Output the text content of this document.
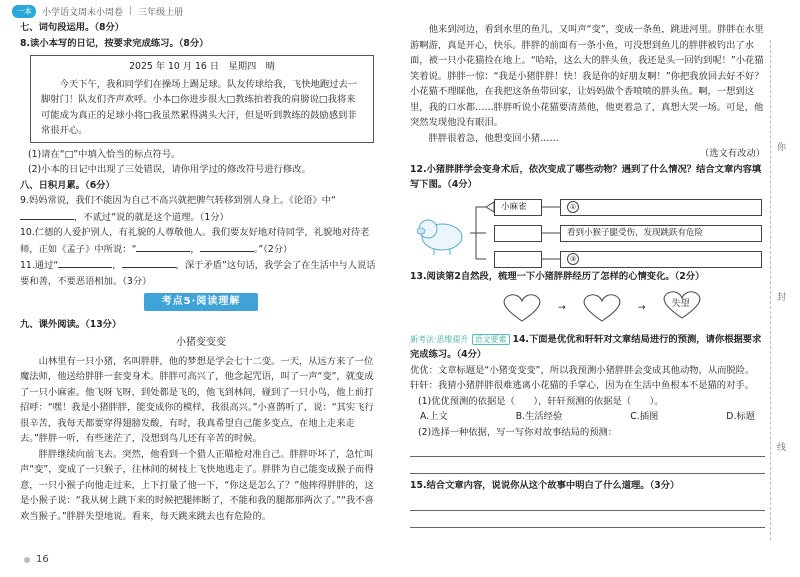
一本	小学语文周末小周卷 | 三年级上册

七、词句段运用。（8分）

8.读小本写的日记，按要求完成练习。（8分）

2025 年 10 月 16 日　星期四　晴

今天下午，我和同学们在操场上踢足球。队友传球给我，飞快地跑过去一脚射门！队友们齐声欢呼。小本□你进步很大□教练拍着我的肩膀说□我将来可能成为真正的足球小将□我虽然累得满头大汗，但是听到教练的鼓励感到非常很开心。

(1)请在“□”中填入恰当的标点符号。

(2)小本的日记中出现了三处错误，请你用学过的修改符号进行修改。

八、日积月累。（6分）

9.妈妈常说，我们不能因为自己不高兴就把脾气转移到别人身上。《论语》中“，不贰过”说的就是这个道理。（1分）

10.仁德的人爱护别人，有礼貌的人尊敬他人。我们要友好地对待同学，礼貌地对待老师，正如《孟子》中所说：“	，	。”（2分）

11.通过“	，	，深于矛盾”这句话，我学会了在生活中与人说话要和善，不要恶语相加。（3分）

考点5·阅读理解

九、课外阅读。（13分）

小猪变变变

山林里有一只小猪，名叫胖胖，他的梦想是学会七十二变。一天，从远方来了一位魔法师，他送给胖胖一套变身术。胖胖可高兴了，他念起咒语，叫了一声“变”，就变成了一只小麻雀。他飞呀飞呀，到处都是飞的，他飞到林间，碰到了一只小鸟，他上前打招呼：“嘿！我是小猪胖胖，能变成你的模样，我很高兴。”小喜鹊听了，说：“其实飞行很辛苦，我每天都要穿得翅膀发酸，有时，我真希望自己能多变点，在地上走来走去。”胖胖一听，有些迷茫了，没想到鸟儿还有辛苦的时候。

胖胖继续向前飞去。突然，他看到一个猎人正瞄枪对准自己。胖胖吓坏了，急忙叫声“变”，变成了一只猴子，往林间的树枝上飞快地逃走了。胖胖为自己能变成猴子而得意，一只小猴子向他走过来，上下打量了他一下，“你这是怎么了？”他摔得胖胖的，这是小猴子说：“我从树上跳下来的时候把腿摔断了，不能和我的腿都那两次了。”“我不喜欢当猴子。”胖胖失望地说。看来，每天跳来跳去也有危险的。

他来到河边，看到水里的鱼儿，又叫声“变”，变成一条鱼，跳进河里。胖胖在水里游啊游，真是开心，快乐。胖胖的前面有一条小鱼，可没想到鱼儿的胖胖被钓出了水面，被一只小花猫捡在地上。“哈哈，这么大的胖头鱼，我还是头一回钓到呢！”小花猫笑着说。胖胖一惊：“我是小猪胖胖！快！我是你的好朋友啊！”你把我放回去好不好？小花猫不理睬他，在我把这条鱼带回家，让妈妈做个香喷喷的胖头鱼。啊，一想到这里，我的口水都……胖胖听说小花猫要清蒸他，他更着急了，真想大哭一场。可是，他突然发现他没有眼泪。

胖胖很着急，他想变回小猪……

（选文有改动）

12.小猪胖胖学会变身术后，依次变成了哪些动物？遇到了什么情况？结合文章内容填写下图。（4分）

小麻雀	①
看到小猴子腿受伤，发现跳跃有危险
③

13.阅读第2自然段，梳理一下小猪胖胖经历了怎样的心情变化。（2分）

→	→	失望

新考法·思维提升 语文要素 14.下面是优优和轩轩对文章结局进行的预测，请你根据要求完成练习。（4分）

优优：文章标题是“小猪变变变”，所以我预测小猪胖胖会变成其他动物，从而脱险。

轩轩：我猜小猪胖胖很难逃离小花猫的手掌心，因为在生活中鱼根本不是猫的对手。

(1)优优预测的依据是（　　），轩轩预测的依据是（　　）。

A.上文	B.生活经验	C.插图	D.标题

(2)选择一种依据，写一写你对故事结局的预测：

15.结合文章内容，说说你从这个故事中明白了什么道理。（3分）

你
封
线
16
